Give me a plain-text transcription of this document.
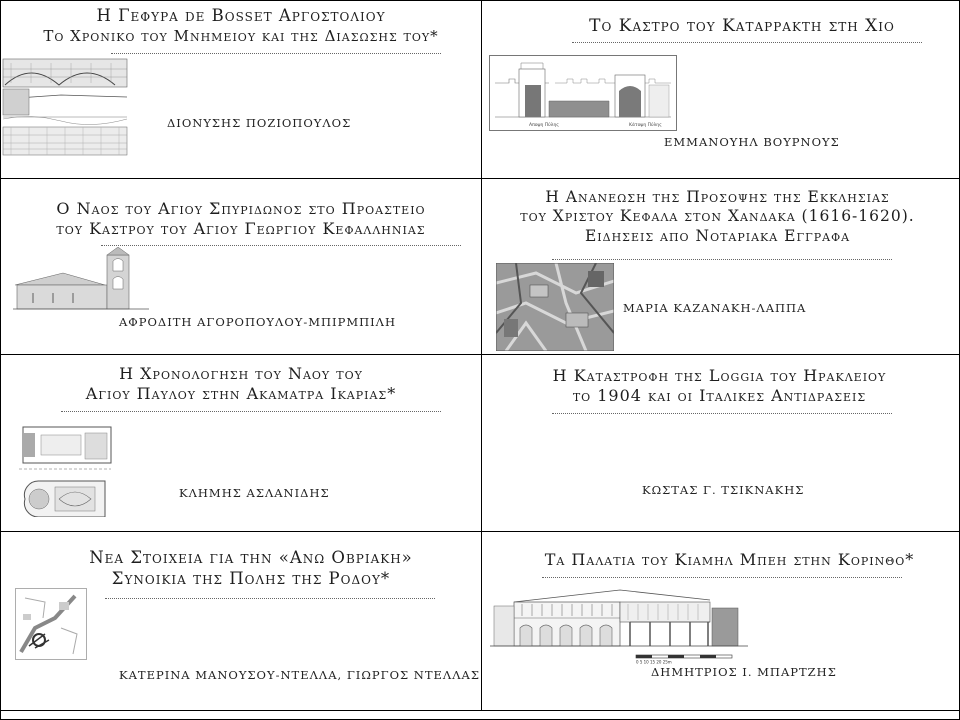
Η Γεφυρα de Bosset Αργοστολιου
Το Χρονικο του Μνημειου και της Διασωσης του*
ΔΙΟΝΥΣΗΣ ΠΟΖΙΟΠΟΥΛΟΣ
Το Καστρο του Καταρρακτη στη Χιο
Αποψη Πύλης	Κάτοψη Πύλης
ΕΜΜΑΝΟΥΗΛ ΒΟΥΡΝΟΥΣ
Ο Ναος του Αγιου Σπυριδωνος στο Προαστειο
του Καστρου του Αγιου Γεωργιου Κεφαλληνιας
ΑΦΡΟΔΙΤΗ ΑΓΟΡΟΠΟΥΛΟΥ-ΜΠΙΡΜΠΙΛΗ
Η Ανανεωση της Προσοψης της Εκκλησιας
του Χριστου Κεφαλα στον Χανδακα (1616-1620).
Ειδησεις απο Νοταριακα Εγγραφα
ΜΑΡΙΑ ΚΑΖΑΝΑΚΗ-ΛΑΠΠΑ
Η Χρονολογηση του Ναου του
Αγιου Παυλου στην Ακαματρα Ικαριας*
ΚΛΗΜΗΣ ΑΣΛΑΝΙΔΗΣ
Η Καταστροφη της Loggia του Ηρακλειου
το 1904 και οι Ιταλικες Αντιδρασεις
ΚΩΣΤΑΣ Γ. ΤΣΙΚΝΑΚΗΣ
Νεα Στοιχεια για την «Ανω Οβριακη»
Συνοικια της Πολης της Ροδου*
ΚΑΤΕΡΙΝΑ ΜΑΝΟΥΣΟΥ-ΝΤΕΛΛΑ, ΓΙΩΡΓΟΣ ΝΤΕΛΛΑΣ
Τα Παλατια του Κιαμηλ Μπεη στην Κορινθο*
0 5 10 15 20 25m
ΔΗΜΗΤΡΙΟΣ Ι. ΜΠΑΡΤΖΗΣ
